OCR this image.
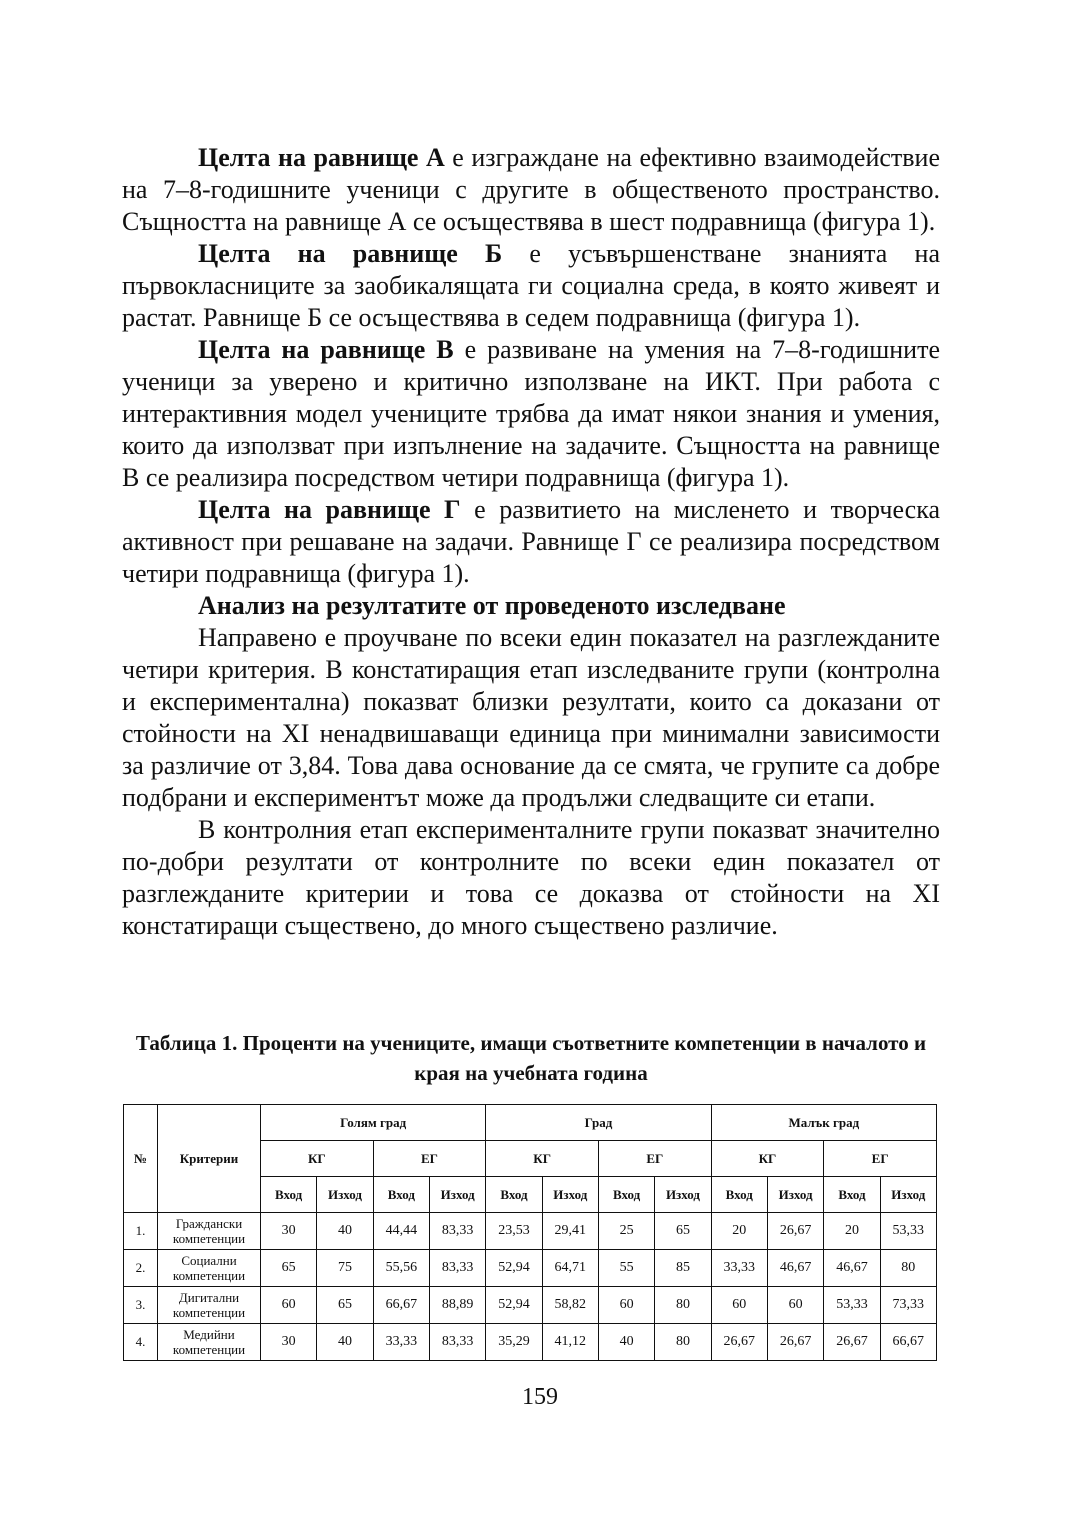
Целта на равнище А е изграждане на ефективно взаимодействие на 7–8-годишните ученици с другите в общественото пространство. Същността на равнище А се осъществява в шест подравнища (фигура 1).

Целта на равнище Б е усъвършенстване знанията на първокласниците за заобикалящата ги социална среда, в която живеят и растат. Равнище Б се осъществява в седем подравнища (фигура 1).

Целта на равнище В е развиване на умения на 7–8-годишните ученици за уверено и критично използване на ИКТ. При работа с интерактивния модел учениците трябва да имат някои знания и умения, които да използват при изпълнение на задачите. Същността на равнище В се реализира посредством четири подравнища (фигура 1).

Целта на равнище Г е развитието на мисленето и творческа активност при решаване на задачи. Равнище Г се реализира посредством четири подравнища (фигура 1).

Анализ на резултатите от проведеното изследване

Направено е проучване по всеки един показател на разглежданите четири критерия. В констатиращия етап изследваните групи (контролна и експериментална) показват близки резултати, които са доказани от стойности на ХІ ненадвишаващи единица при минимални зависимости за различие от 3,84. Това дава основание да се смята, че групите са добре подбрани и експериментът може да продължи следващите си етапи.

В контролния етап експерименталните групи показват значително по-добри резултати от контролните по всеки един показател от разглежданите критерии и това се доказва от стойности на ХІ констатиращи съществено, до много съществено различие.

Таблица 1. Проценти на учениците, имащи съответните компетенции в началото и края на учебната година
№	Критерии	Голям град				Град				Малък град			
		КГ		ЕГ		КГ		ЕГ		КГ		ЕГ	
		Вход	Изход	Вход	Изход	Вход	Изход	Вход	Изход	Вход	Изход	Вход	Изход
1.	Граждански компетенции	30	40	44,44	83,33	23,53	29,41	25	65	20	26,67	20	53,33
2.	Социални компетенции	65	75	55,56	83,33	52,94	64,71	55	85	33,33	46,67	46,67	80
3.	Дигитални компетенции	60	65	66,67	88,89	52,94	58,82	60	80	60	60	53,33	73,33
4.	Медийни компетенции	30	40	33,33	83,33	35,29	41,12	40	80	26,67	26,67	26,67	66,67
159
